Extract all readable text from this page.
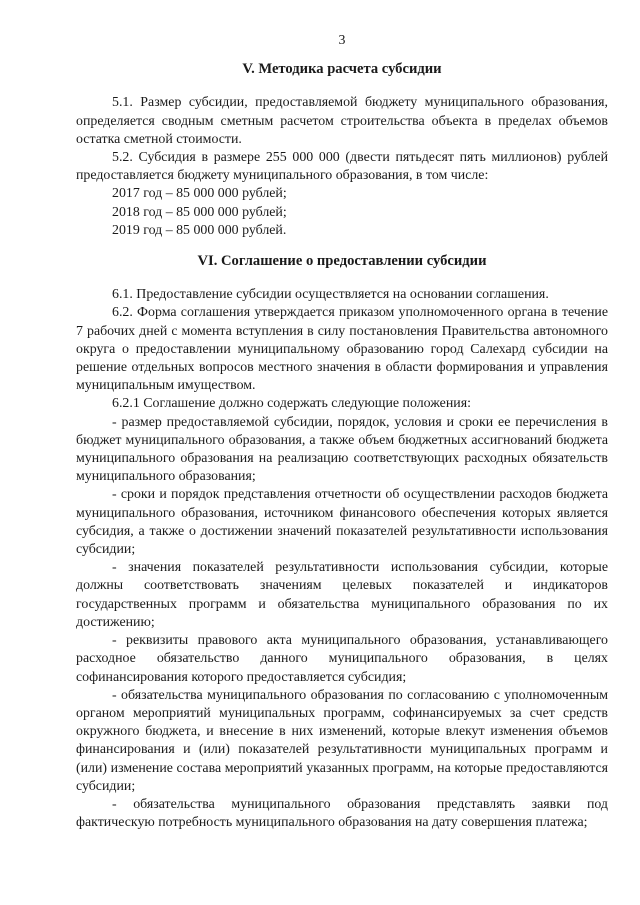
3
V. Методика расчета субсидии

5.1. Размер субсидии, предоставляемой бюджету муниципального образования, определяется сводным сметным расчетом строительства объекта в пределах объемов остатка сметной стоимости.

5.2. Субсидия в размере 255 000 000 (двести пятьдесят пять миллионов) рублей предоставляется бюджету муниципального образования, в том числе:

2017 год – 85 000 000 рублей;

2018 год – 85 000 000 рублей;

2019 год – 85 000 000 рублей.

VI. Соглашение о предоставлении субсидии

6.1. Предоставление субсидии осуществляется на основании соглашения.

6.2. Форма соглашения утверждается приказом уполномоченного органа в течение 7 рабочих дней с момента вступления в силу постановления Правительства автономного округа о предоставлении муниципальному образованию город Салехард субсидии на решение отдельных вопросов местного значения в области формирования и управления муниципальным имуществом.

6.2.1 Соглашение должно содержать следующие положения:

- размер предоставляемой субсидии, порядок, условия и сроки ее перечисления в бюджет муниципального образования, а также объем бюджетных ассигнований бюджета муниципального образования на реализацию соответствующих расходных обязательств муниципального образования;

- сроки и порядок представления отчетности об осуществлении расходов бюджета муниципального образования, источником финансового обеспечения которых является субсидия, а также о достижении значений показателей результативности использования субсидии;

- значения показателей результативности использования субсидии, которые должны соответствовать значениям целевых показателей и индикаторов государственных программ и обязательства муниципального образования по их достижению;

- реквизиты правового акта муниципального образования, устанавливающего расходное обязательство данного муниципального образования, в целях софинансирования которого предоставляется субсидия;

- обязательства муниципального образования по согласованию с уполномоченным органом мероприятий муниципальных программ, софинансируемых за счет средств окружного бюджета, и внесение в них изменений, которые влекут изменения объемов финансирования и (или) показателей результативности муниципальных программ и (или) изменение состава мероприятий указанных программ, на которые предоставляются субсидии;

- обязательства муниципального образования представлять заявки под фактическую потребность муниципального образования на дату совершения платежа;
